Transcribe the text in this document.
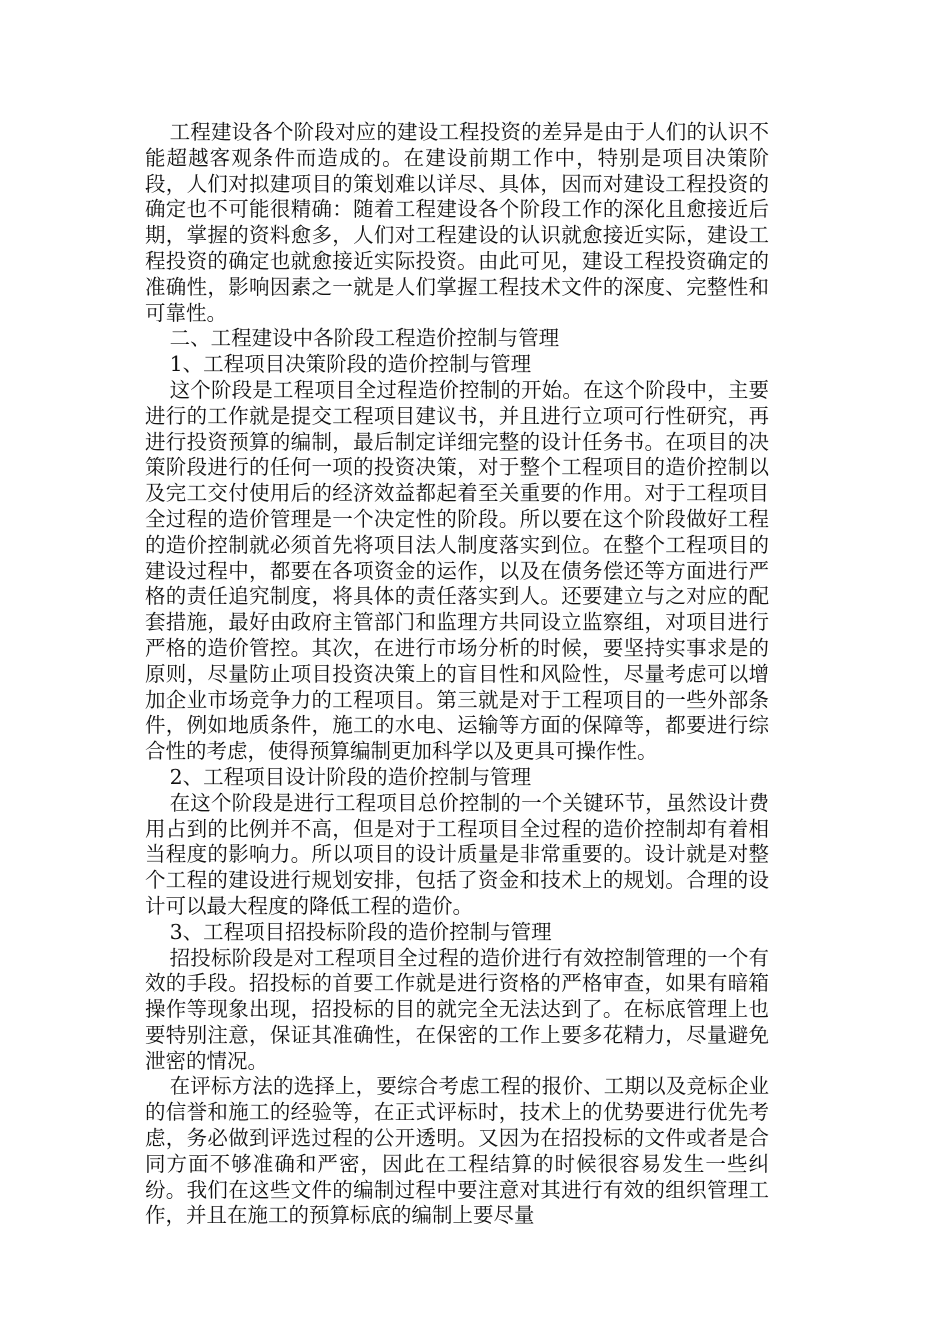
工程建设各个阶段对应的建设工程投资的差异是由于人们的认识不能超越客观条件而造成的。在建设前期工作中，特别是项目决策阶段，人们对拟建项目的策划难以详尽、具体，因而对建设工程投资的确定也不可能很精确：随着工程建设各个阶段工作的深化且愈接近后期，掌握的资料愈多，人们对工程建设的认识就愈接近实际，建设工程投资的确定也就愈接近实际投资。由此可见，建设工程投资确定的准确性，影响因素之一就是人们掌握工程技术文件的深度、完整性和可靠性。

二、工程建设中各阶段工程造价控制与管理

1、工程项目决策阶段的造价控制与管理

这个阶段是工程项目全过程造价控制的开始。在这个阶段中，主要进行的工作就是提交工程项目建议书，并且进行立项可行性研究，再进行投资预算的编制，最后制定详细完整的设计任务书。在项目的决策阶段进行的任何一项的投资决策，对于整个工程项目的造价控制以及完工交付使用后的经济效益都起着至关重要的作用。对于工程项目全过程的造价管理是一个决定性的阶段。所以要在这个阶段做好工程的造价控制就必须首先将项目法人制度落实到位。在整个工程项目的建设过程中，都要在各项资金的运作，以及在债务偿还等方面进行严格的责任追究制度，将具体的责任落实到人。还要建立与之对应的配套措施，最好由政府主管部门和监理方共同设立监察组，对项目进行严格的造价管控。其次，在进行市场分析的时候，要坚持实事求是的原则，尽量防止项目投资决策上的盲目性和风险性，尽量考虑可以增加企业市场竞争力的工程项目。第三就是对于工程项目的一些外部条件，例如地质条件，施工的水电、运输等方面的保障等，都要进行综合性的考虑，使得预算编制更加科学以及更具可操作性。

2、工程项目设计阶段的造价控制与管理

在这个阶段是进行工程项目总价控制的一个关键环节，虽然设计费用占到的比例并不高，但是对于工程项目全过程的造价控制却有着相当程度的影响力。所以项目的设计质量是非常重要的。设计就是对整个工程的建设进行规划安排，包括了资金和技术上的规划。合理的设计可以最大程度的降低工程的造价。

3、工程项目招投标阶段的造价控制与管理

招投标阶段是对工程项目全过程的造价进行有效控制管理的一个有效的手段。招投标的首要工作就是进行资格的严格审查，如果有暗箱操作等现象出现，招投标的目的就完全无法达到了。在标底管理上也要特别注意，保证其准确性，在保密的工作上要多花精力，尽量避免泄密的情况。

在评标方法的选择上，要综合考虑工程的报价、工期以及竞标企业的信誉和施工的经验等，在正式评标时，技术上的优势要进行优先考虑，务必做到评选过程的公开透明。又因为在招投标的文件或者是合同方面不够准确和严密，因此在工程结算的时候很容易发生一些纠纷。我们在这些文件的编制过程中要注意对其进行有效的组织管理工作，并且在施工的预算标底的编制上要尽量
